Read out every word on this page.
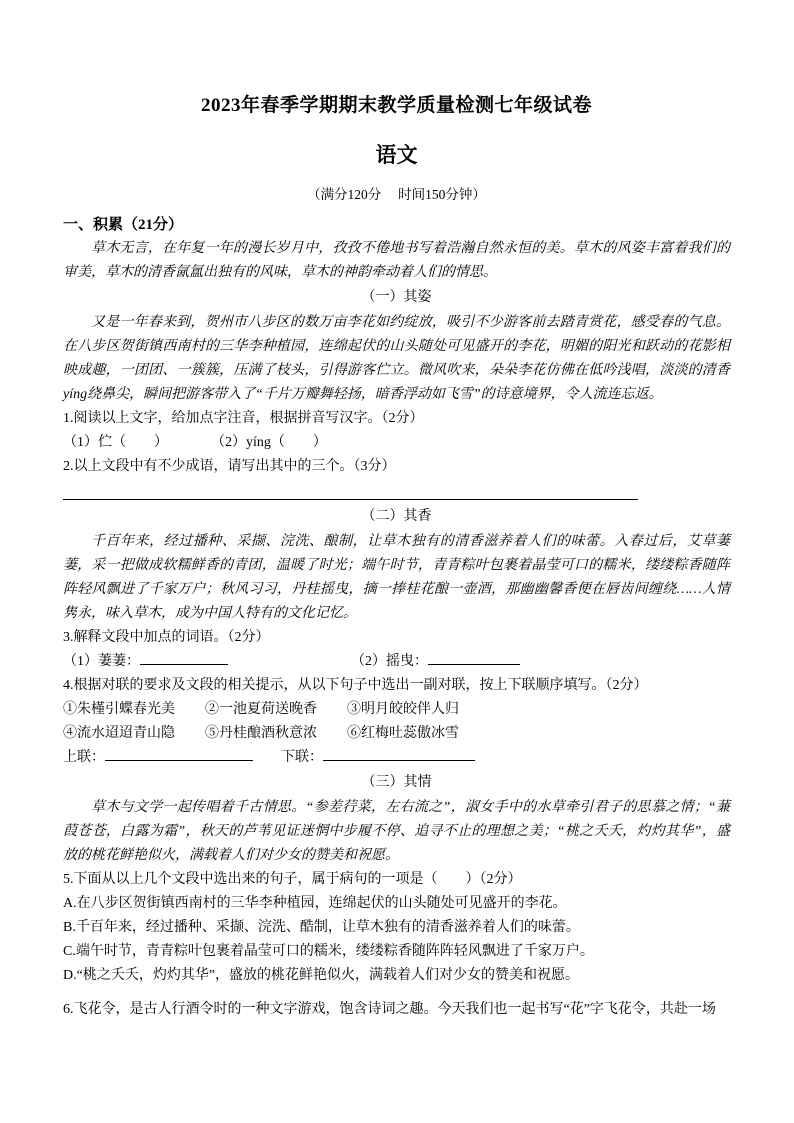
2023年春季学期期末教学质量检测七年级试卷
语文
（满分120分　 时间150分钟）
一、积累（21分）
草木无言，在年复一年的漫长岁月中，孜孜不倦地书写着浩瀚自然永恒的美。草木的风姿丰富着我们的审美，草木的清香氤氲出独有的风味，草木的神韵牵动着人们的情思。
（一）其姿
又是一年春来到，贺州市八步区的数万亩李花如约绽放，吸引不少游客前去踏青赏花，感受春的气息。在八步区贺街镇西南村的三华李种植园，连绵起伏的山头随处可见盛开的李花，明媚的阳光和跃动的花影相映成趣，一团团、一簇簇，压满了枝头，引得游客伫立。微风吹来，朵朵李花仿佛在低吟浅唱，淡淡的清香yíng绕鼻尖，瞬间把游客带入了“千片万瓣舞轻扬，暗香浮动如飞雪”的诗意境界，令人流连忘返。
1.阅读以上文字，给加点字注音，根据拼音写汉字。（2分）
（1）伫（　　）	（2）yíng（　　）
2.以上文段中有不少成语，请写出其中的三个。（3分）
（二）其香
千百年来，经过播种、采撷、浣洗、酿制，让草木独有的清香滋养着人们的味蕾。入春过后，艾草萋萋，采一把做成软糯鲜香的青团，温暖了时光；端午时节，青青粽叶包裹着晶莹可口的糯米，缕缕粽香随阵阵轻风飘进了千家万户；秋风习习，丹桂摇曳，摘一捧桂花酿一壶酒，那幽幽馨香便在唇齿间缠绕……人情隽永，味入草木，成为中国人特有的文化记忆。
3.解释文段中加点的词语。（2分）
（1）萋萋：	（2）摇曳：
4.根据对联的要求及文段的相关提示，从以下句子中选出一副对联，按上下联顺序填写。（2分）
①朱槿引蝶春光美 ②一池夏荷送晚香 ③明月皎皎伴人归
④流水迢迢青山隐 ⑤丹桂酿酒秋意浓 ⑥红梅吐蕊傲冰雪
上联：	下联：
（三）其情
草木与文学一起传唱着千古情思。“参差荇菜，左右流之”，淑女手中的水草牵引君子的思慕之情；“蒹葭苍苍，白露为霜”，秋天的芦苇见证迷惘中步履不停、追寻不止的理想之美；“桃之夭夭，灼灼其华”，盛放的桃花鲜艳似火，满载着人们对少女的赞美和祝愿。
5.下面从以上几个文段中选出来的句子，属于病句的一项是（　　）（2分）
A.在八步区贺街镇西南村的三华李种植园，连绵起伏的山头随处可见盛开的李花。
B.千百年来，经过播种、采撷、浣洗、酷制，让草木独有的清香滋养着人们的味蕾。
C.端午时节，青青粽叶包裹着晶莹可口的糯米，缕缕粽香随阵阵轻风飘进了千家万户。
D.“桃之夭夭，灼灼其华”，盛放的桃花鲜艳似火，满载着人们对少女的赞美和祝愿。
6.飞花令，是古人行酒令时的一种文字游戏，饱含诗词之趣。今天我们也一起书写“花”字飞花令，共赴一场
